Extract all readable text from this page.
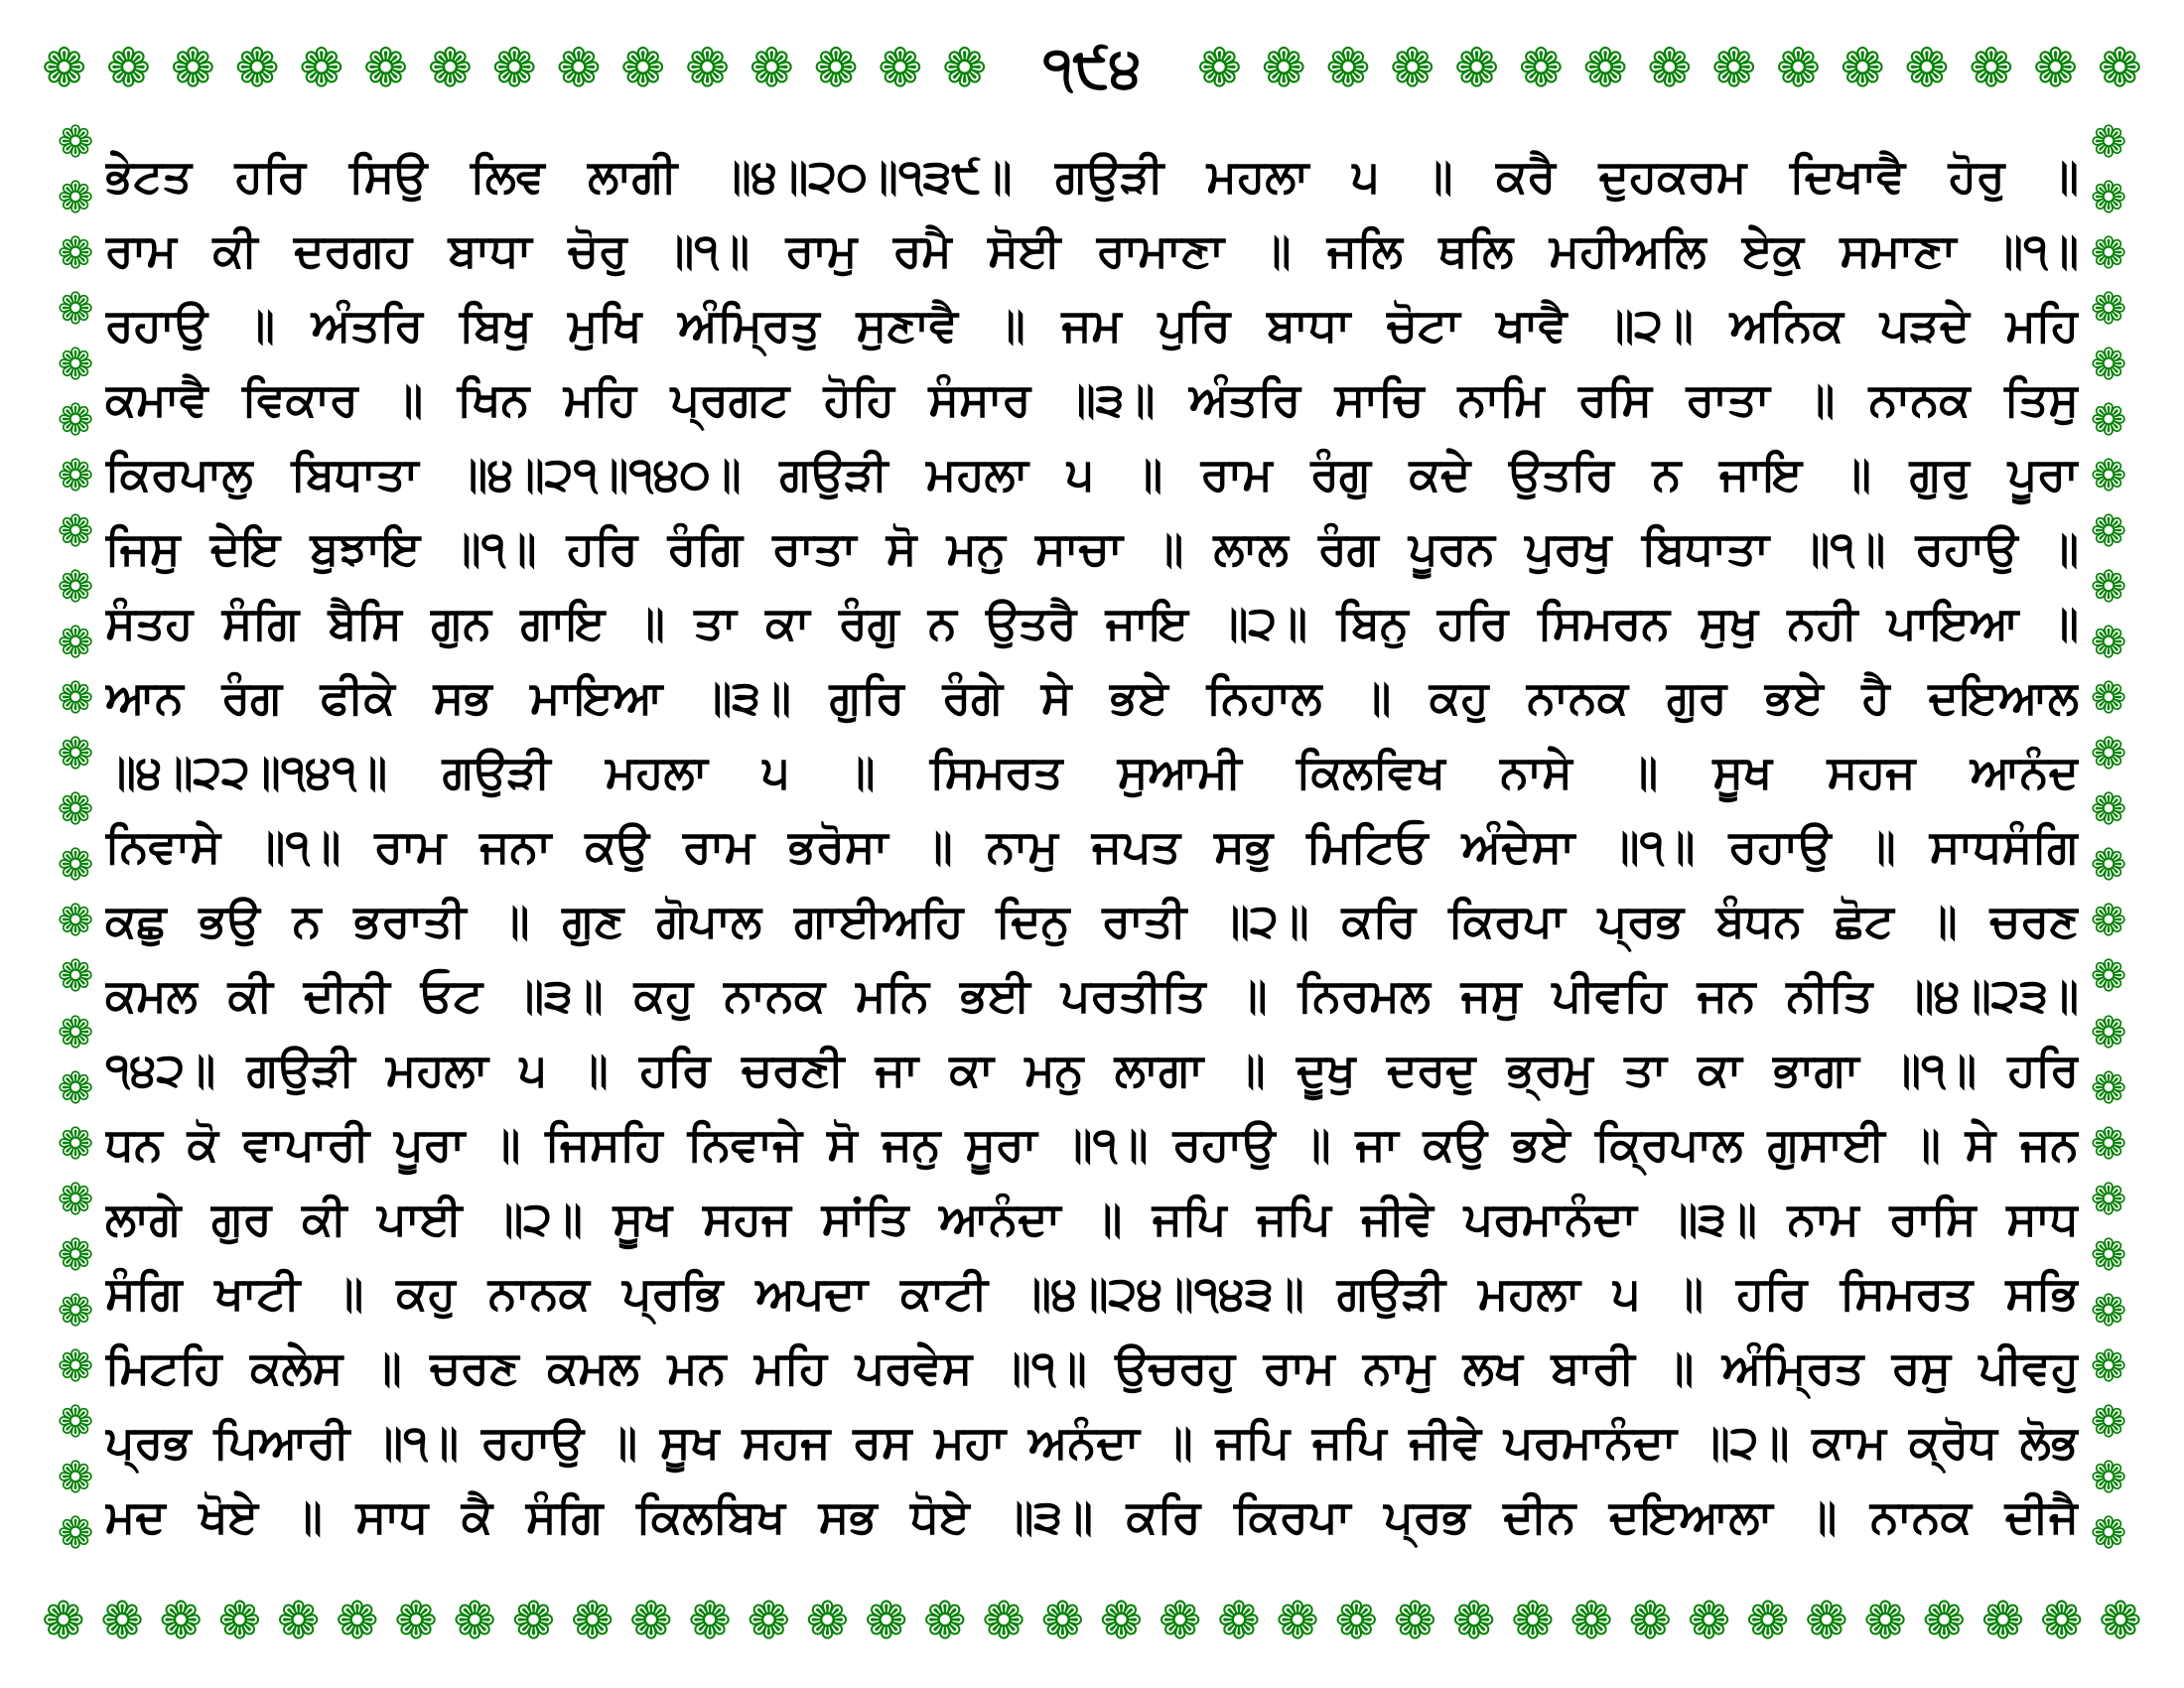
❁ ❁ ❁ ❁ ❁ ❁ ❁ ❁ ❁ ❁ ❁ ❁ ❁ ❁ ❁	੧੯੪	❁ ❁ ❁ ❁ ❁ ❁ ❁ ❁ ❁ ❁ ❁ ❁ ❁ ❁ ❁
❁
❁
❁
❁
❁
❁
❁
❁
❁
❁
❁
❁
❁
❁
❁
❁
❁
❁
❁
❁
❁
❁
❁
❁
❁
❁
❁
❁
❁
❁
❁
❁
❁
❁
❁
❁
❁
❁
❁
❁
❁
❁
❁
❁
❁
❁
❁
❁
❁
❁
❁
❁
❁ ❁ ❁ ❁ ❁ ❁ ❁ ❁ ❁ ❁ ❁ ❁ ❁ ❁ ❁ ❁ ❁ ❁ ❁ ❁ ❁ ❁ ❁ ❁ ❁ ❁ ❁ ❁ ❁ ❁ ❁ ❁ ❁ ❁ ❁ ❁
ਭੇਟਤ ਹਰਿ ਸਿਉ ਲਿਵ ਲਾਗੀ ॥੪॥੨੦॥੧੩੯॥ ਗਉੜੀ ਮਹਲਾ ੫ ॥ ਕਰੈ ਦੁਹਕਰਮ ਦਿਖਾਵੈ ਹੋਰੁ ॥
ਰਾਮ ਕੀ ਦਰਗਹ ਬਾਧਾ ਚੋਰੁ ॥੧॥ ਰਾਮੁ ਰਮੈ ਸੋਈ ਰਾਮਾਣਾ ॥ ਜਲਿ ਥਲਿ ਮਹੀਅਲਿ ਏਕੁ ਸਮਾਣਾ ॥੧॥
ਰਹਾਉ ॥ ਅੰਤਰਿ ਬਿਖੁ ਮੁਖਿ ਅੰਮ੍ਰਿਤੁ ਸੁਣਾਵੈ ॥ ਜਮ ਪੁਰਿ ਬਾਧਾ ਚੋਟਾ ਖਾਵੈ ॥੨॥ ਅਨਿਕ ਪੜਦੇ ਮਹਿ
ਕਮਾਵੈ ਵਿਕਾਰ ॥ ਖਿਨ ਮਹਿ ਪ੍ਰਗਟ ਹੋਹਿ ਸੰਸਾਰ ॥੩॥ ਅੰਤਰਿ ਸਾਚਿ ਨਾਮਿ ਰਸਿ ਰਾਤਾ ॥ ਨਾਨਕ ਤਿਸੁ
ਕਿਰਪਾਲੁ ਬਿਧਾਤਾ ॥੪॥੨੧॥੧੪੦॥ ਗਉੜੀ ਮਹਲਾ ੫ ॥ ਰਾਮ ਰੰਗੁ ਕਦੇ ਉਤਰਿ ਨ ਜਾਇ ॥ ਗੁਰੁ ਪੂਰਾ
ਜਿਸੁ ਦੇਇ ਬੁਝਾਇ ॥੧॥ ਹਰਿ ਰੰਗਿ ਰਾਤਾ ਸੋ ਮਨੁ ਸਾਚਾ ॥ ਲਾਲ ਰੰਗ ਪੂਰਨ ਪੁਰਖੁ ਬਿਧਾਤਾ ॥੧॥ ਰਹਾਉ ॥
ਸੰਤਹ ਸੰਗਿ ਬੈਸਿ ਗੁਨ ਗਾਇ ॥ ਤਾ ਕਾ ਰੰਗੁ ਨ ਉਤਰੈ ਜਾਇ ॥੨॥ ਬਿਨੁ ਹਰਿ ਸਿਮਰਨ ਸੁਖੁ ਨਹੀ ਪਾਇਆ ॥
ਆਨ ਰੰਗ ਫੀਕੇ ਸਭ ਮਾਇਆ ॥੩॥ ਗੁਰਿ ਰੰਗੇ ਸੇ ਭਏ ਨਿਹਾਲ ॥ ਕਹੁ ਨਾਨਕ ਗੁਰ ਭਏ ਹੈ ਦਇਆਲ
॥੪॥੨੨॥੧੪੧॥ ਗਉੜੀ ਮਹਲਾ ੫ ॥ ਸਿਮਰਤ ਸੁਆਮੀ ਕਿਲਵਿਖ ਨਾਸੇ ॥ ਸੂਖ ਸਹਜ ਆਨੰਦ
ਨਿਵਾਸੇ ॥੧॥ ਰਾਮ ਜਨਾ ਕਉ ਰਾਮ ਭਰੋਸਾ ॥ ਨਾਮੁ ਜਪਤ ਸਭੁ ਮਿਟਿਓ ਅੰਦੇਸਾ ॥੧॥ ਰਹਾਉ ॥ ਸਾਧਸੰਗਿ
ਕਛੁ ਭਉ ਨ ਭਰਾਤੀ ॥ ਗੁਣ ਗੋਪਾਲ ਗਾਈਅਹਿ ਦਿਨੁ ਰਾਤੀ ॥੨॥ ਕਰਿ ਕਿਰਪਾ ਪ੍ਰਭ ਬੰਧਨ ਛੋਟ ॥ ਚਰਣ
ਕਮਲ ਕੀ ਦੀਨੀ ਓਟ ॥੩॥ ਕਹੁ ਨਾਨਕ ਮਨਿ ਭਈ ਪਰਤੀਤਿ ॥ ਨਿਰਮਲ ਜਸੁ ਪੀਵਹਿ ਜਨ ਨੀਤਿ ॥੪॥੨੩॥
੧੪੨॥ ਗਉੜੀ ਮਹਲਾ ੫ ॥ ਹਰਿ ਚਰਣੀ ਜਾ ਕਾ ਮਨੁ ਲਾਗਾ ॥ ਦੂਖੁ ਦਰਦੁ ਭ੍ਰਮੁ ਤਾ ਕਾ ਭਾਗਾ ॥੧॥ ਹਰਿ
ਧਨ ਕੋ ਵਾਪਾਰੀ ਪੂਰਾ ॥ ਜਿਸਹਿ ਨਿਵਾਜੇ ਸੋ ਜਨੁ ਸੂਰਾ ॥੧॥ ਰਹਾਉ ॥ ਜਾ ਕਉ ਭਏ ਕ੍ਰਿਪਾਲ ਗੁਸਾਈ ॥ ਸੇ ਜਨ
ਲਾਗੇ ਗੁਰ ਕੀ ਪਾਈ ॥੨॥ ਸੂਖ ਸਹਜ ਸਾਂਤਿ ਆਨੰਦਾ ॥ ਜਪਿ ਜਪਿ ਜੀਵੇ ਪਰਮਾਨੰਦਾ ॥੩॥ ਨਾਮ ਰਾਸਿ ਸਾਧ
ਸੰਗਿ ਖਾਟੀ ॥ ਕਹੁ ਨਾਨਕ ਪ੍ਰਭਿ ਅਪਦਾ ਕਾਟੀ ॥੪॥੨੪॥੧੪੩॥ ਗਉੜੀ ਮਹਲਾ ੫ ॥ ਹਰਿ ਸਿਮਰਤ ਸਭਿ
ਮਿਟਹਿ ਕਲੇਸ ॥ ਚਰਣ ਕਮਲ ਮਨ ਮਹਿ ਪਰਵੇਸ ॥੧॥ ਉਚਰਹੁ ਰਾਮ ਨਾਮੁ ਲਖ ਬਾਰੀ ॥ ਅੰਮ੍ਰਿਤ ਰਸੁ ਪੀਵਹੁ
ਪ੍ਰਭ ਪਿਆਰੀ ॥੧॥ ਰਹਾਉ ॥ ਸੂਖ ਸਹਜ ਰਸ ਮਹਾ ਅਨੰਦਾ ॥ ਜਪਿ ਜਪਿ ਜੀਵੇ ਪਰਮਾਨੰਦਾ ॥੨॥ ਕਾਮ ਕ੍ਰੋਧ ਲੋਭ
ਮਦ ਖੋਏ ॥ ਸਾਧ ਕੈ ਸੰਗਿ ਕਿਲਬਿਖ ਸਭ ਧੋਏ ॥੩॥ ਕਰਿ ਕਿਰਪਾ ਪ੍ਰਭ ਦੀਨ ਦਇਆਲਾ ॥ ਨਾਨਕ ਦੀਜੈ
